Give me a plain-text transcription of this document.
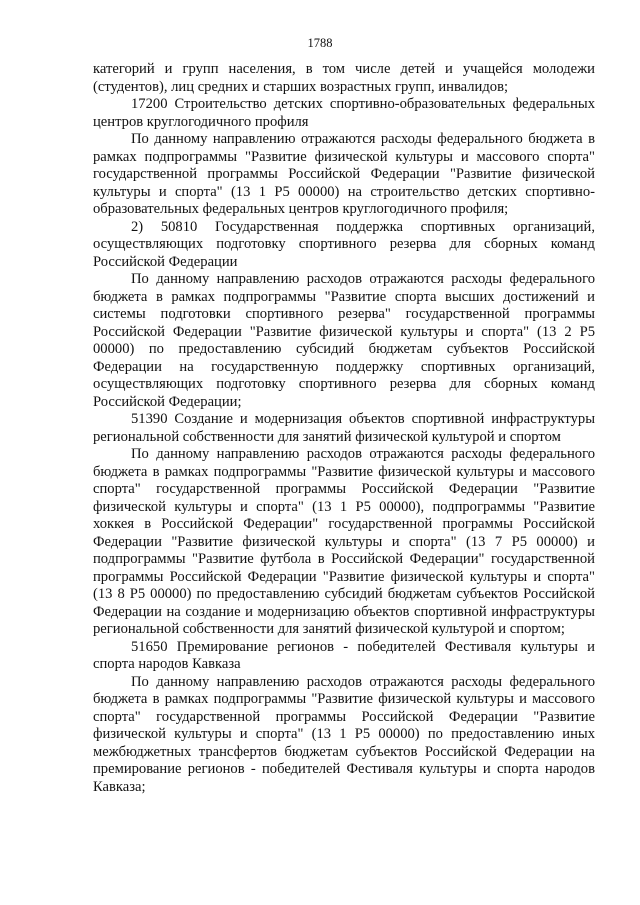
1788

категорий и групп населения, в том числе детей и учащейся молодежи (студентов), лиц средних и старших возрастных групп, инвалидов;

17200 Строительство детских спортивно-образовательных федеральных центров круглогодичного профиля

По данному направлению отражаются расходы федерального бюджета в рамках подпрограммы "Развитие физической культуры и массового спорта" государственной программы Российской Федерации "Развитие физической культуры и спорта" (13 1 Р5 00000) на строительство детских спортивно-образовательных федеральных центров круглогодичного профиля;

2) 50810 Государственная поддержка спортивных организаций, осуществляющих подготовку спортивного резерва для сборных команд Российской Федерации

По данному направлению расходов отражаются расходы федерального бюджета в рамках подпрограммы "Развитие спорта высших достижений и системы подготовки спортивного резерва" государственной программы Российской Федерации "Развитие физической культуры и спорта" (13 2 Р5 00000) по предоставлению субсидий бюджетам субъектов Российской Федерации на государственную поддержку спортивных организаций, осуществляющих подготовку спортивного резерва для сборных команд Российской Федерации;

51390 Создание и модернизация объектов спортивной инфраструктуры региональной собственности для занятий физической культурой и спортом

По данному направлению расходов отражаются расходы федерального бюджета в рамках подпрограммы "Развитие физической культуры и массового спорта" государственной программы Российской Федерации "Развитие физической культуры и спорта" (13 1 Р5 00000), подпрограммы "Развитие хоккея в Российской Федерации" государственной программы Российской Федерации "Развитие физической культуры и спорта" (13 7 Р5 00000) и подпрограммы "Развитие футбола в Российской Федерации" государственной программы Российской Федерации "Развитие физической культуры и спорта" (13 8 Р5 00000) по предоставлению субсидий бюджетам субъектов Российской Федерации на создание и модернизацию объектов спортивной инфраструктуры региональной собственности для занятий физической культурой и спортом;

51650 Премирование регионов - победителей Фестиваля культуры и спорта народов Кавказа

По данному направлению расходов отражаются расходы федерального бюджета в рамках подпрограммы "Развитие физической культуры и массового спорта" государственной программы Российской Федерации "Развитие физической культуры и спорта" (13 1 Р5 00000) по предоставлению иных межбюджетных трансфертов бюджетам субъектов Российской Федерации на премирование регионов - победителей Фестиваля культуры и спорта народов Кавказа;
